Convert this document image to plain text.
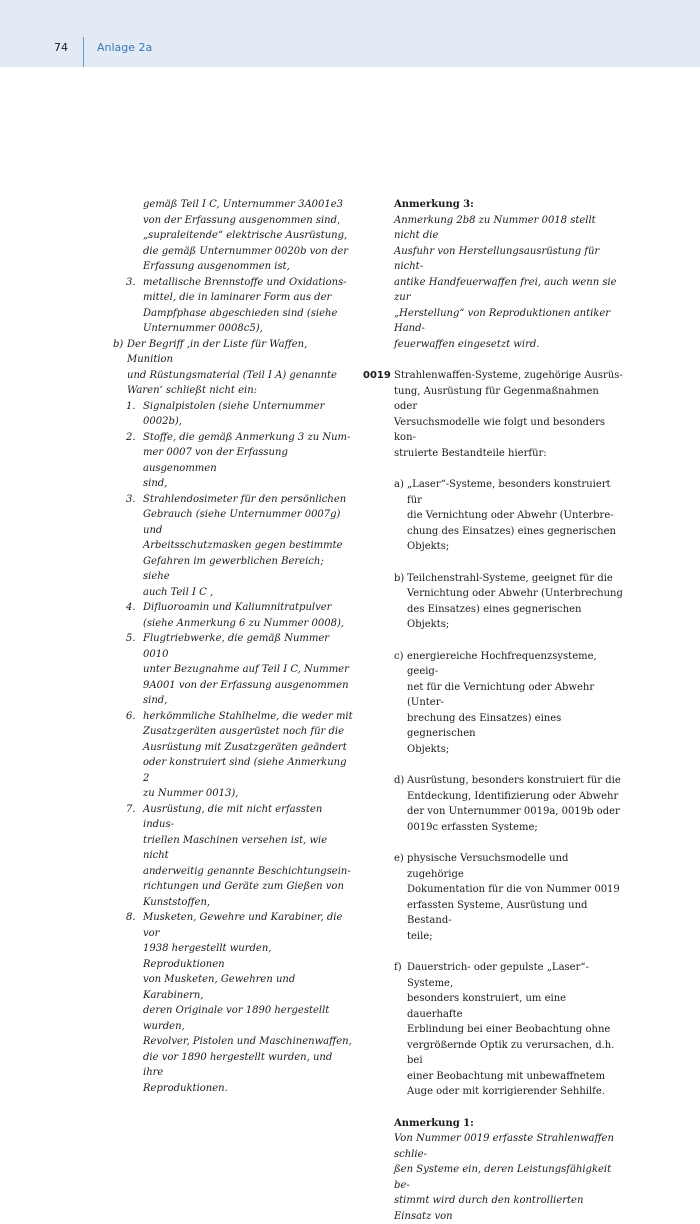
74	Anlage 2a

gemäß Teil I C, Unternummer 3A001e3

von der Erfassung ausgenommen sind,

„supraleitende“ elektrische Ausrüstung,

die gemäß Unternummer 0020b von der

Erfassung ausgenommen ist,

3. metallische Brennstoffe und Oxidations-

mittel, die in laminarer Form aus der

Dampfphase abgeschieden sind (siehe

Unternummer 0008c5),

b) Der Begriff ‚in der Liste für Waffen, Munition

und Rüstungsmaterial (Teil I A) genannte

Waren‘ schließt nicht ein:

1. Signalpistolen (siehe Unternummer

0002b),

2. Stoffe, die gemäß Anmerkung 3 zu Num-

mer 0007 von der Erfassung ausgenommen

sind,

3. Strahlendosimeter für den persönlichen

Gebrauch (siehe Unternummer 0007g) und

Arbeitsschutzmasken gegen bestimmte

Gefahren im gewerblichen Bereich; siehe

auch Teil I C ,

4. Difluoroamin und Kaliumnitratpulver

(siehe Anmerkung 6 zu Nummer 0008),

5. Flugtriebwerke, die gemäß Nummer 0010

unter Bezugnahme auf Teil I C, Nummer

9A001 von der Erfassung ausgenommen

sind,

6. herkömmliche Stahlhelme, die weder mit

Zusatzgeräten ausgerüstet noch für die

Ausrüstung mit Zusatzgeräten geändert

oder konstruiert sind (siehe Anmerkung 2

zu Nummer 0013),

7. Ausrüstung, die mit nicht erfassten indus-

triellen Maschinen versehen ist, wie nicht

anderweitig genannte Beschichtungsein-

richtungen und Geräte zum Gießen von

Kunststoffen,

8. Musketen, Gewehre und Karabiner, die vor

1938 hergestellt wurden, Reproduktionen

von Musketen, Gewehren und Karabinern,

deren Originale vor 1890 hergestellt wurden,

Revolver, Pistolen und Maschinenwaffen,

die vor 1890 hergestellt wurden, und ihre

Reproduktionen.

Anmerkung 3:

Anmerkung 2b8 zu Nummer 0018 stellt nicht die

Ausfuhr von Herstellungsausrüstung für nicht-

antike Handfeuerwaffen frei, auch wenn sie zur

„Herstellung“ von Reproduktionen antiker Hand-

feuerwaffen eingesetzt wird.

0019 Strahlenwaffen-Systeme, zugehörige Ausrüs-

tung, Ausrüstung für Gegenmaßnahmen oder

Versuchsmodelle wie folgt und besonders kon-

struierte Bestandteile hierfür:

a) „Laser“-Systeme, besonders konstruiert für

die Vernichtung oder Abwehr (Unterbre-

chung des Einsatzes) eines gegnerischen

Objekts;

b) Teilchenstrahl-Systeme, geeignet für die

Vernichtung oder Abwehr (Unterbrechung

des Einsatzes) eines gegnerischen Objekts;

c) energiereiche Hochfrequenzsysteme, geeig-

net für die Vernichtung oder Abwehr (Unter-

brechung des Einsatzes) eines gegnerischen

Objekts;

d) Ausrüstung, besonders konstruiert für die

Entdeckung, Identifizierung oder Abwehr

der von Unternummer 0019a, 0019b oder

0019c erfassten Systeme;

e) physische Versuchsmodelle und zugehörige

Dokumentation für die von Nummer 0019

erfassten Systeme, Ausrüstung und Bestand-

teile;

f) Dauerstrich- oder gepulste „Laser“-Systeme,

besonders konstruiert, um eine dauerhafte

Erblindung bei einer Beobachtung ohne

vergrößernde Optik zu verursachen, d.h. bei

einer Beobachtung mit unbewaffnetem

Auge oder mit korrigierender Sehhilfe.

Anmerkung 1:

Von Nummer 0019 erfasste Strahlenwaffen schlie-

ßen Systeme ein, deren Leistungsfähigkeit be-

stimmt wird durch den kontrollierten Einsatz von
